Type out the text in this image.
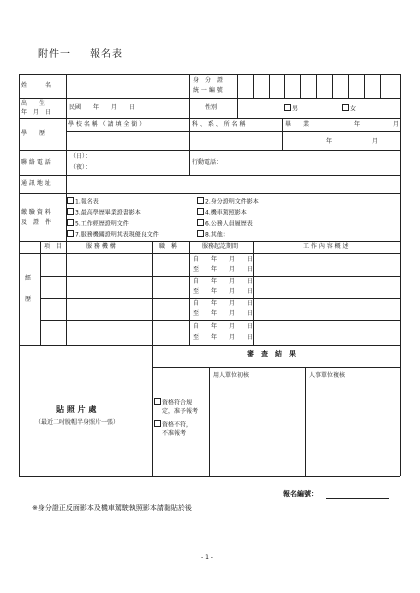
附件一 報名表
姓　　　名
身　分　證
統 一 編 號
出　　生
年　月　日
民國　　年　　月　　日	性別	男	女
學　　歷
學 校 名 稱 （ 請 填 全 銜 ）	科 、 系 、 所 名 稱	畢　　業	年	月
年	月
聯 絡 電 話
（日）：
（夜）：
行動電話：
通 訊 地 址
繳 驗 資 料
及　證　件
1.報名表	2.身分證明文件影本
3.最高學歷畢業證書影本	4.機車駕照影本
5.工作經歷證明文件	6.公務人員履歷表
7.服務機關證明其表現優良文件	8.其他：
經
歷
項　目	服 務 機 構	職　稱	服務起訖期間	工 作 內 容 概 述
自　　年　　月　　日
至　　年　　月　　日
自　　年　　月　　日
至　　年　　月　　日
自　　年　　月　　日
至　　年　　月　　日
自　　年　　月　　日
至　　年　　月　　日
貼 照 片 處
（最近二吋脫帽半身照片一張）
審　查　結　果
資格符合規
定，准予報考
資格不符，
不准報考
用人單位初核	人事單位複核
報名編號：
※身分證正反面影本及機車駕駛執照影本請黏貼於後
- 1 -
